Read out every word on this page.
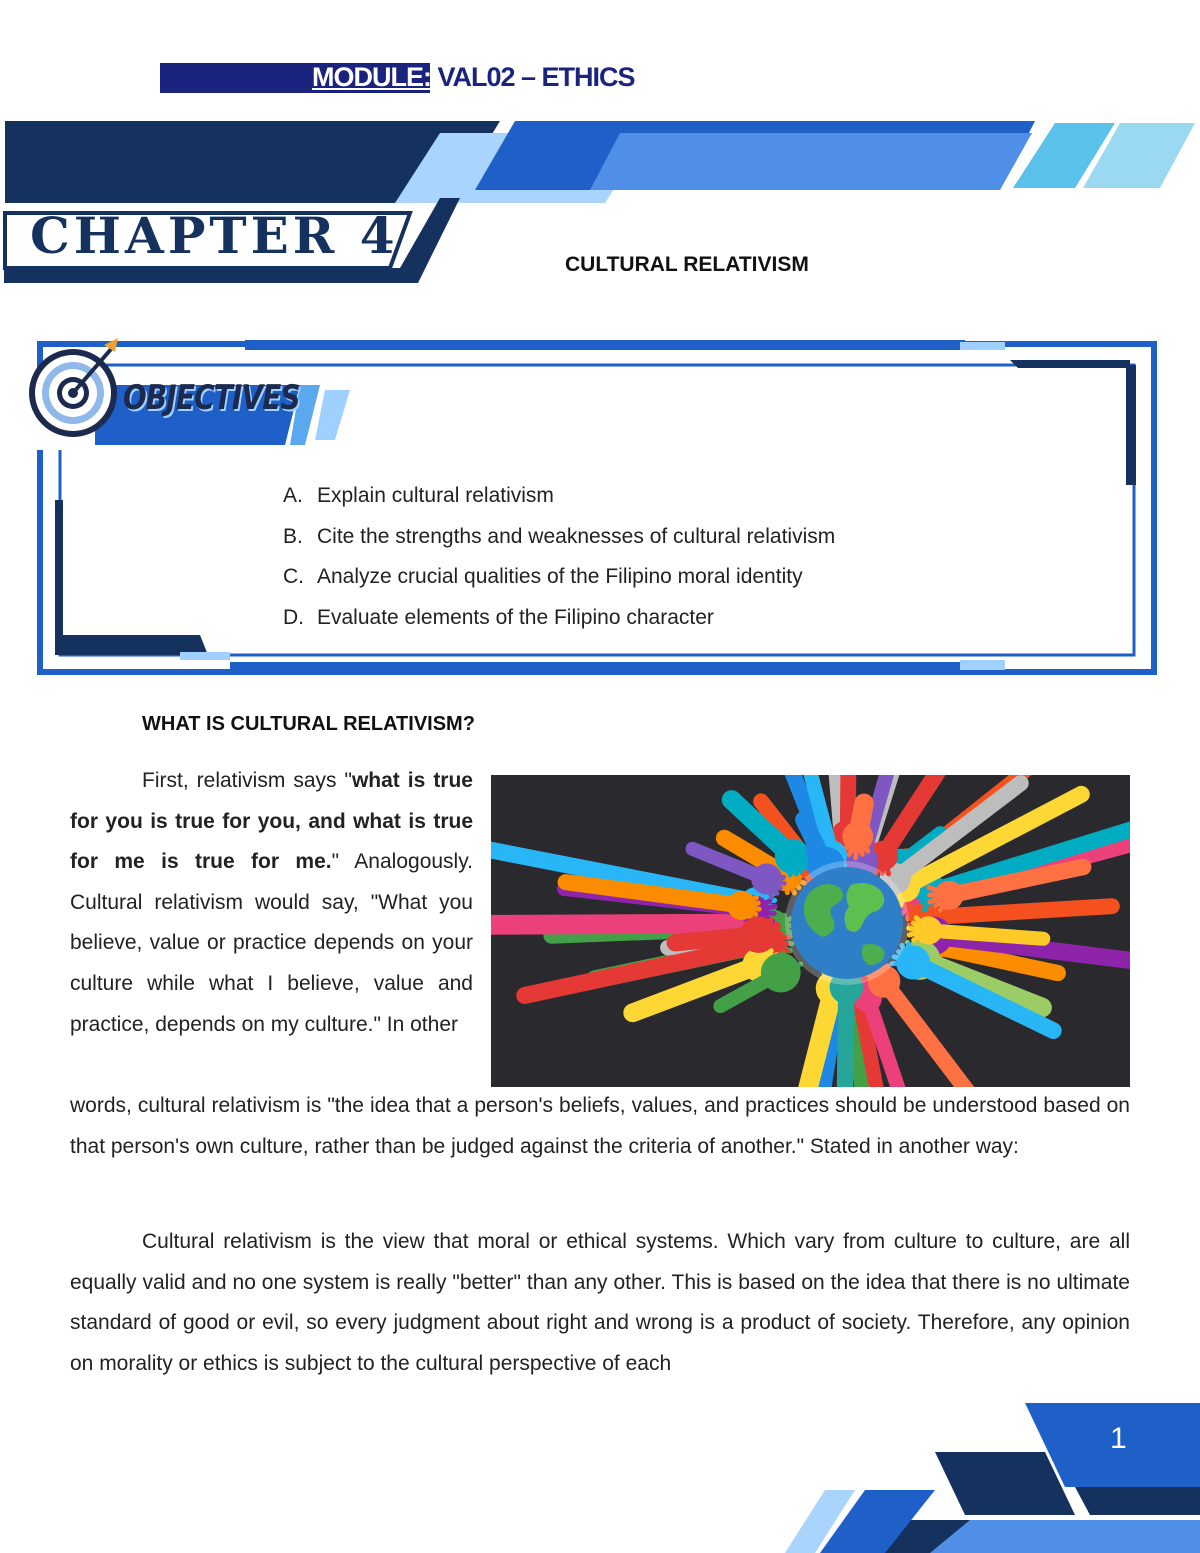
MODULE: VAL02 – ETHICS
CHAPTER 4	CULTURAL RELATIVISM
OBJECTIVES
A. Explain cultural relativism
B. Cite the strengths and weaknesses of cultural relativism
C. Analyze crucial qualities of the Filipino moral identity
D. Evaluate elements of the Filipino character
WHAT IS CULTURAL RELATIVISM?
First, relativism says "what is true for you is true for you, and what is true for me is true for me." Analogously. Cultural relativism would say, "What you believe, value or practice depends on your culture while what I believe, value and practice, depends on my culture." In other
words, cultural relativism is "the idea that a person's beliefs, values, and practices should be understood based on that person's own culture, rather than be judged against the criteria of another." Stated in another way:
Cultural relativism is the view that moral or ethical systems. Which vary from culture to culture, are all equally valid and no one system is really "better" than any other. This is based on the idea that there is no ultimate standard of good or evil, so every judgment about right and wrong is a product of society. Therefore, any opinion on morality or ethics is subject to the cultural perspective of each
1
